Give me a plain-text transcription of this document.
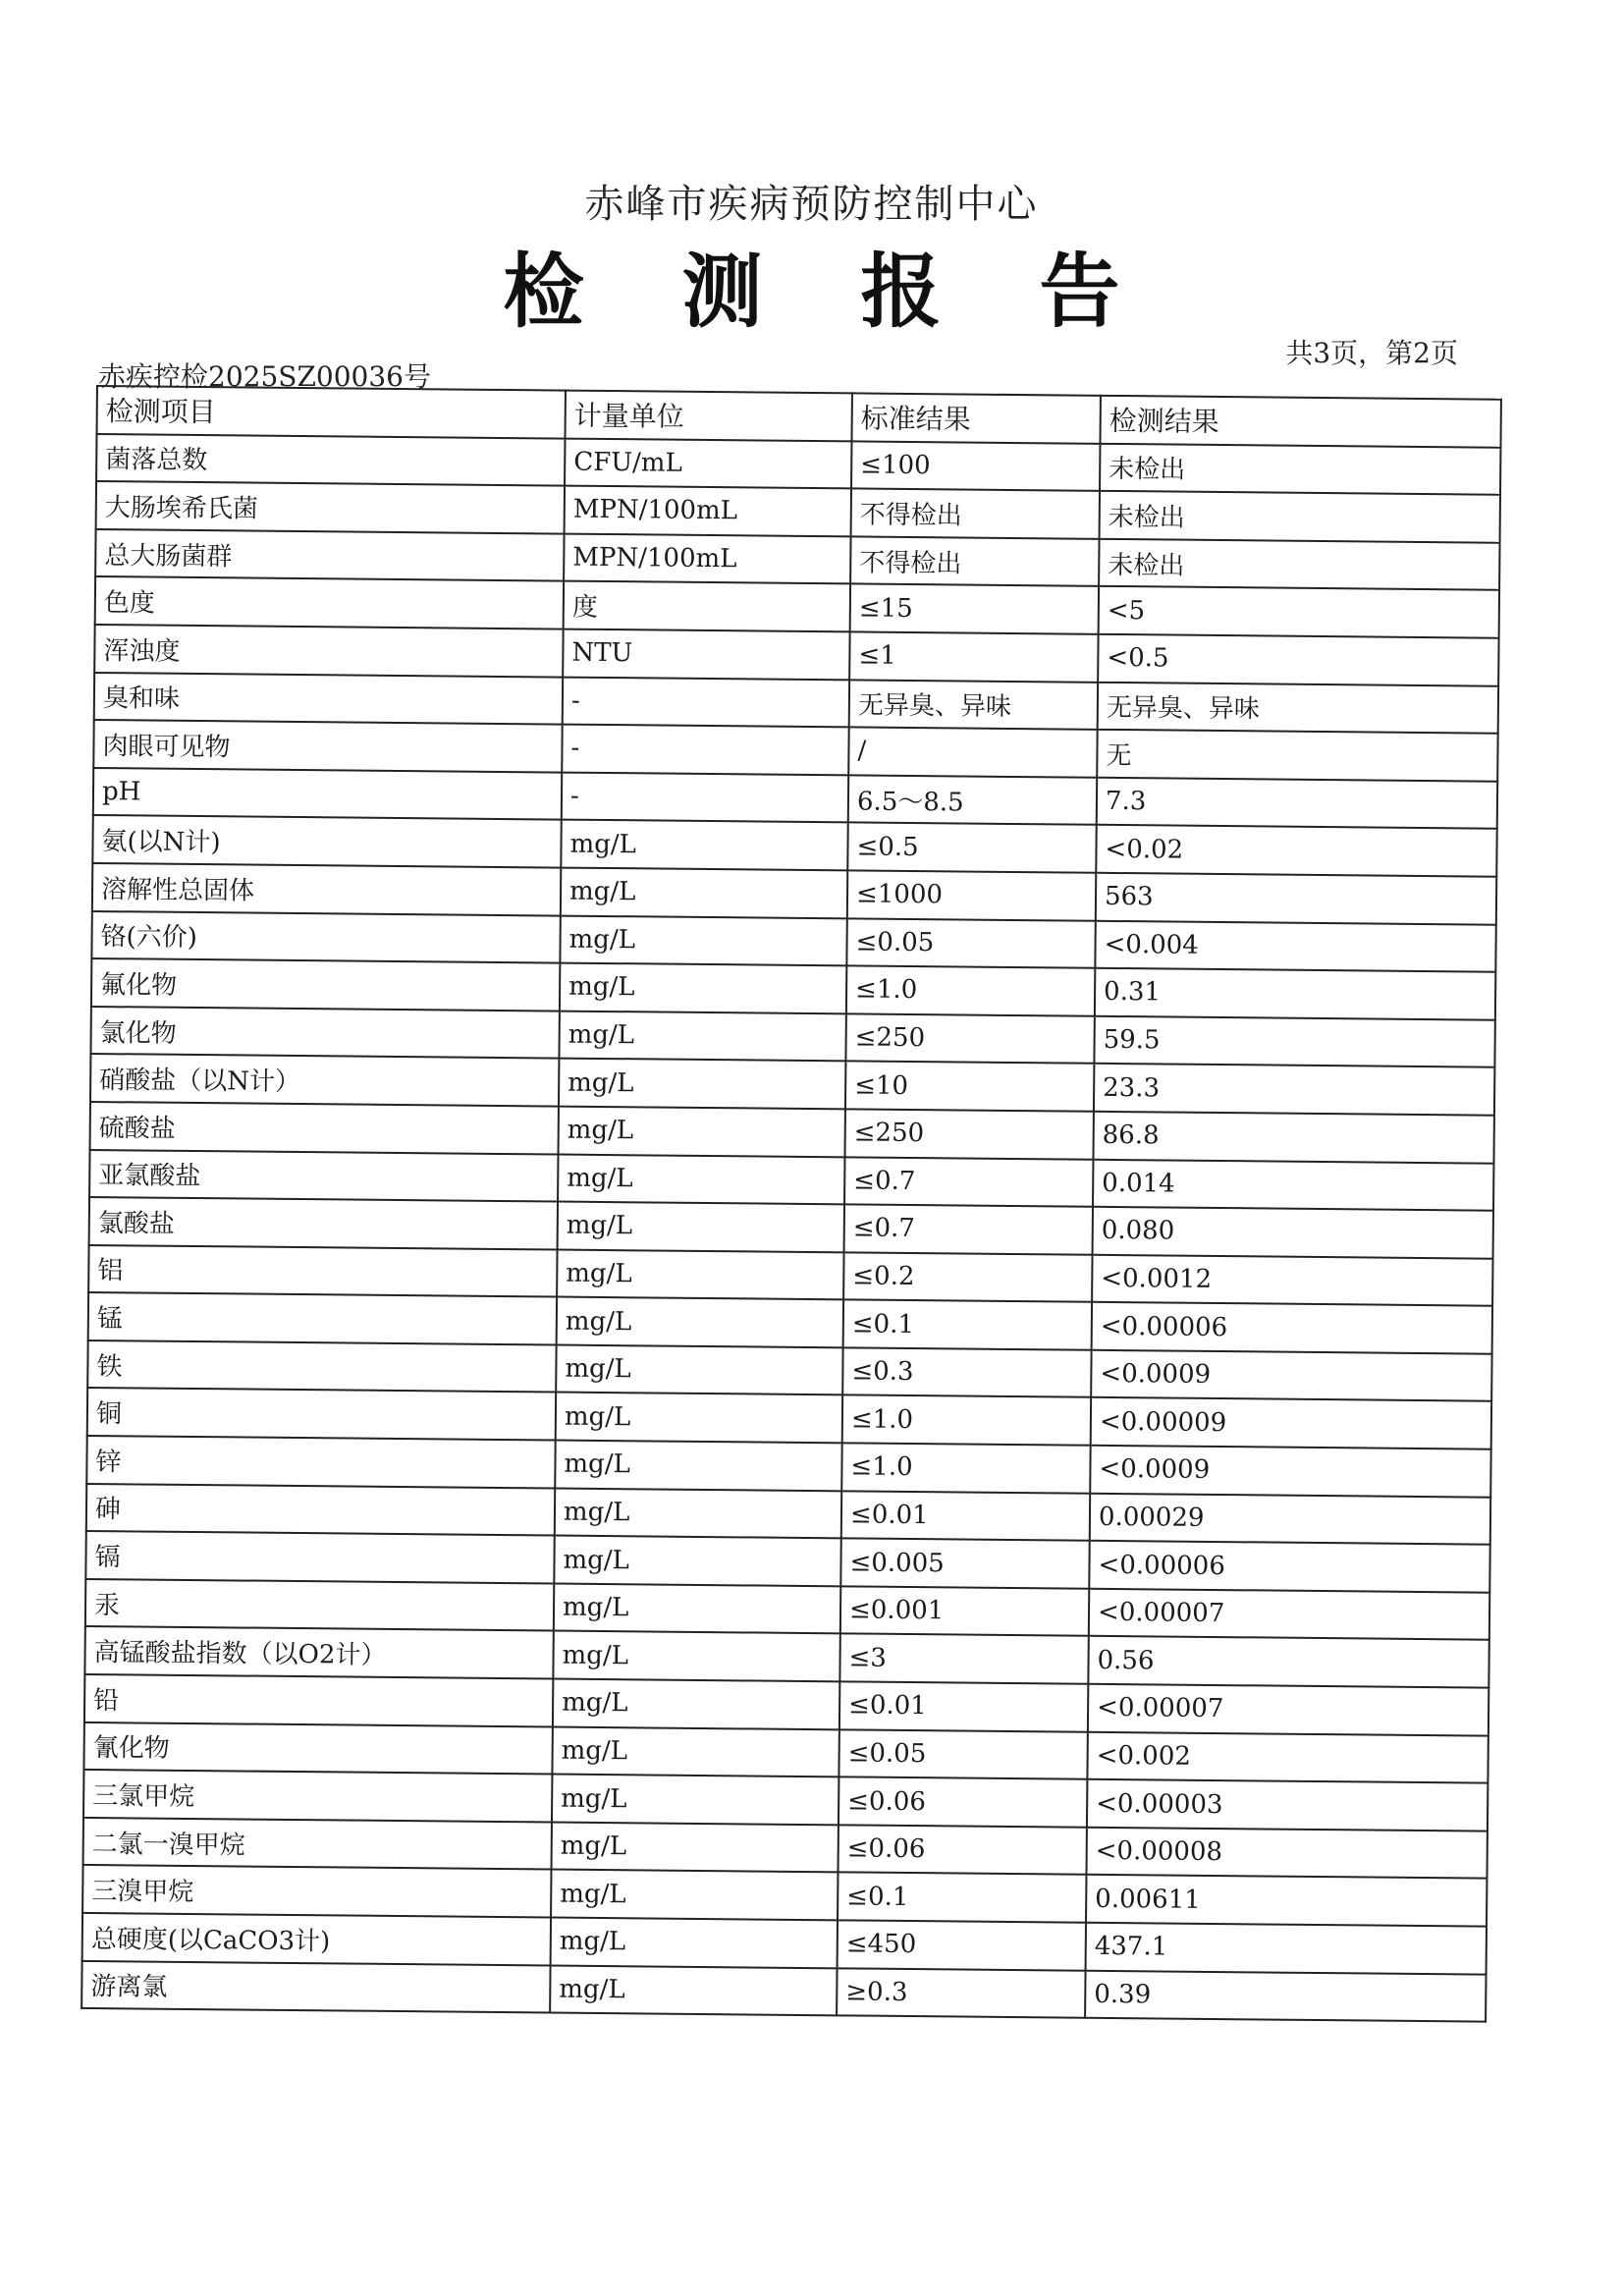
赤峰市疾病预防控制中心
检 测 报 告
赤疾控检2025SZ00036号
共3页，第2页
检测项目	计量单位	标准结果	检测结果
菌落总数	CFU/mL	≤100	未检出
大肠埃希氏菌	MPN/100mL	不得检出	未检出
总大肠菌群	MPN/100mL	不得检出	未检出
色度	度	≤15	<5
浑浊度	NTU	≤1	<0.5
臭和味	-	无异臭、异味	无异臭、异味
肉眼可见物	-	/	无
pH	-	6.5～8.5	7.3
氨(以N计)	mg/L	≤0.5	<0.02
溶解性总固体	mg/L	≤1000	563
铬(六价)	mg/L	≤0.05	<0.004
氟化物	mg/L	≤1.0	0.31
氯化物	mg/L	≤250	59.5
硝酸盐（以N计）	mg/L	≤10	23.3
硫酸盐	mg/L	≤250	86.8
亚氯酸盐	mg/L	≤0.7	0.014
氯酸盐	mg/L	≤0.7	0.080
铝	mg/L	≤0.2	<0.0012
锰	mg/L	≤0.1	<0.00006
铁	mg/L	≤0.3	<0.0009
铜	mg/L	≤1.0	<0.00009
锌	mg/L	≤1.0	<0.0009
砷	mg/L	≤0.01	0.00029
镉	mg/L	≤0.005	<0.00006
汞	mg/L	≤0.001	<0.00007
高锰酸盐指数（以O2计）	mg/L	≤3	0.56
铅	mg/L	≤0.01	<0.00007
氰化物	mg/L	≤0.05	<0.002
三氯甲烷	mg/L	≤0.06	<0.00003
二氯一溴甲烷	mg/L	≤0.06	<0.00008
三溴甲烷	mg/L	≤0.1	0.00611
总硬度(以CaCO3计)	mg/L	≤450	437.1
游离氯	mg/L	≥0.3	0.39
